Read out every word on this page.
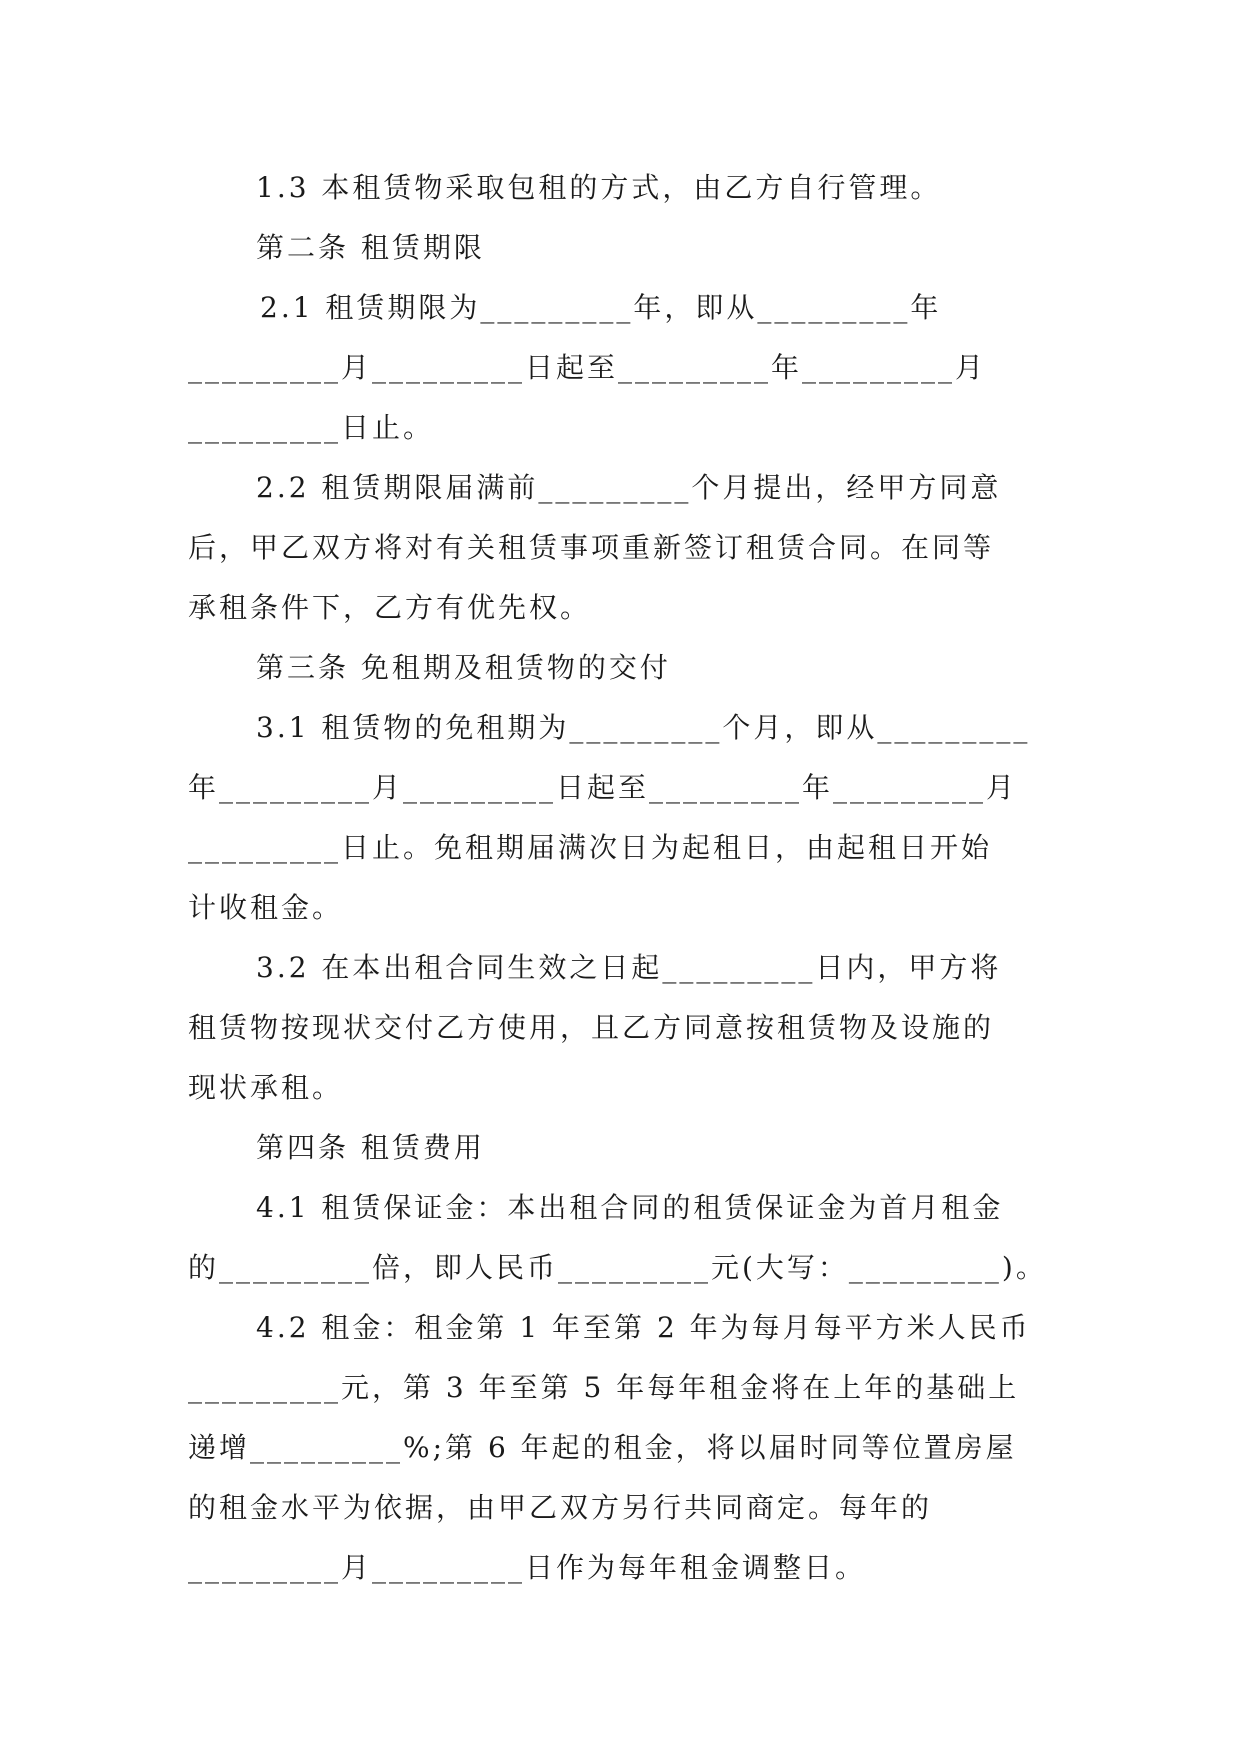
1.3 本租赁物采取包租的方式，由乙方自行管理。
第二条 租赁期限
2.1 租赁期限为_________年，即从_________年
_________月_________日起至_________年_________月
_________日止。
2.2 租赁期限届满前_________个月提出，经甲方同意
后，甲乙双方将对有关租赁事项重新签订租赁合同。在同等
承租条件下，乙方有优先权。
第三条 免租期及租赁物的交付
3.1 租赁物的免租期为_________个月，即从_________
年_________月_________日起至_________年_________月
_________日止。免租期届满次日为起租日，由起租日开始
计收租金。
3.2 在本出租合同生效之日起_________日内，甲方将
租赁物按现状交付乙方使用，且乙方同意按租赁物及设施的
现状承租。
第四条 租赁费用
4.1 租赁保证金：本出租合同的租赁保证金为首月租金
的_________倍，即人民币_________元(大写：_________)。
4.2 租金：租金第 1 年至第 2 年为每月每平方米人民币
_________元，第 3 年至第 5 年每年租金将在上年的基础上
递增_________%;第 6 年起的租金，将以届时同等位置房屋
的租金水平为依据，由甲乙双方另行共同商定。每年的
_________月_________日作为每年租金调整日。
